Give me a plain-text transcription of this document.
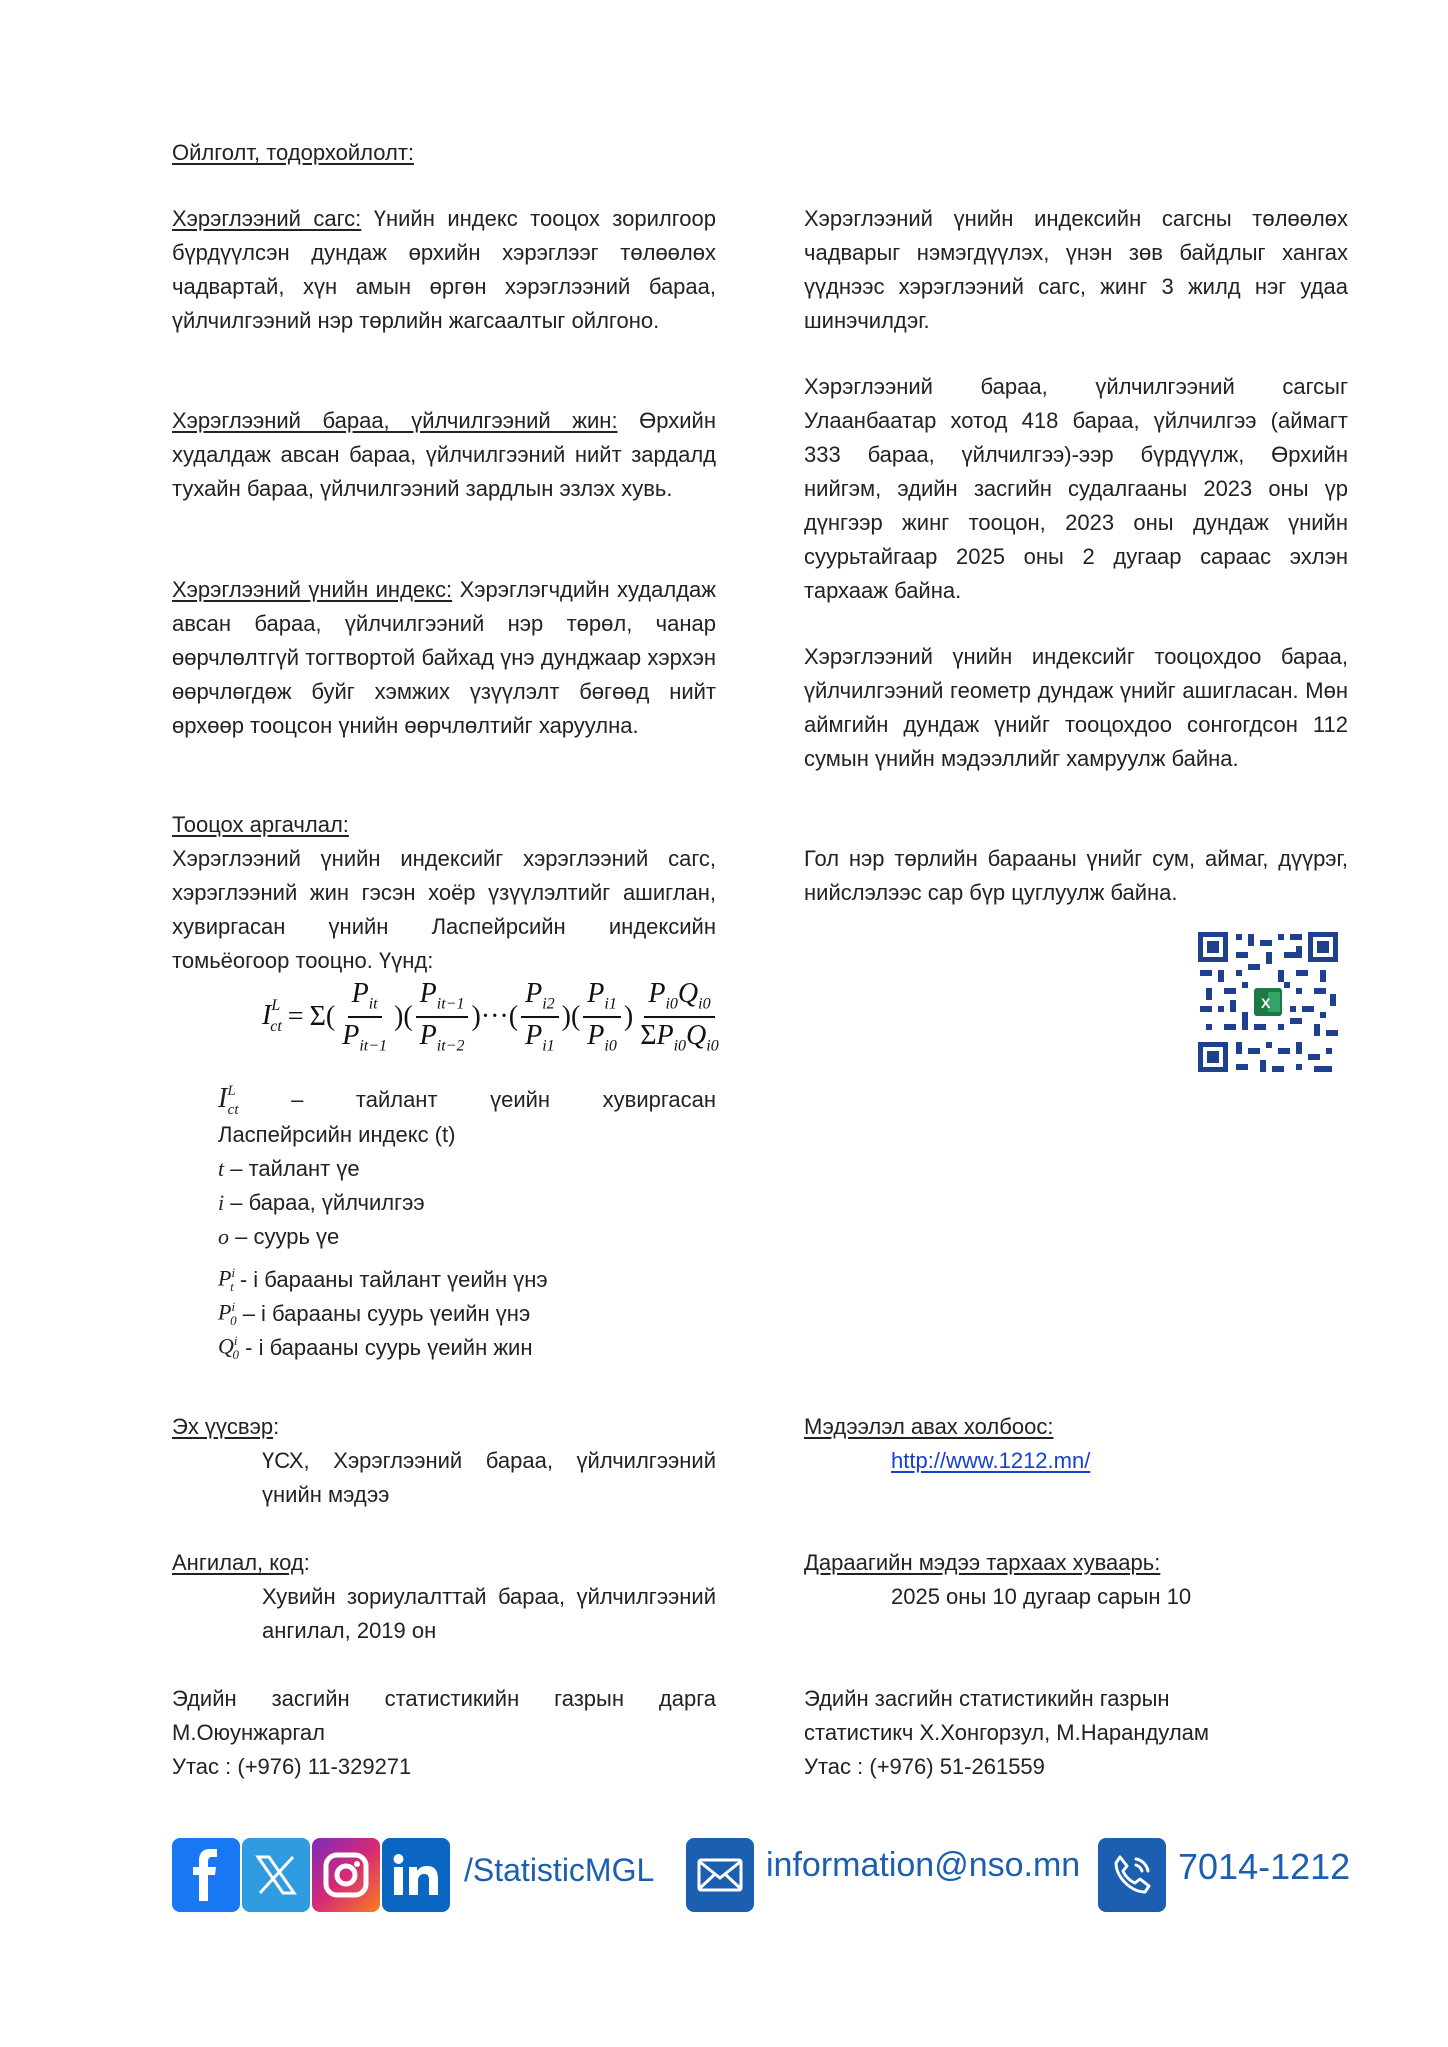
Ойлголт, тодорхойлолт:
Хэрэглээний сагс: Үнийн индекс тооцох зорилгоор бүрдүүлсэн дундаж өрхийн хэрэглээг төлөөлөх чадвартай, хүн амын өргөн хэрэглээний бараа, үйлчилгээний нэр төрлийн жагсаалтыг ойлгоно.
Хэрэглээний бараа, үйлчилгээний жин: Өрхийн худалдаж авсан бараа, үйлчилгээний нийт зардалд тухайн бараа, үйлчилгээний зардлын эзлэх хувь.
Хэрэглээний үнийн индекс: Хэрэглэгчдийн худалдаж авсан бараа, үйлчилгээний нэр төрөл, чанар өөрчлөлтгүй тогтвортой байхад үнэ дунджаар хэрхэн өөрчлөгдөж буйг хэмжих үзүүлэлт бөгөөд нийт өрхөөр тооцсон үнийн өөрчлөлтийг харуулна.
Тооцох аргачлал:
Хэрэглээний үнийн индексийг хэрэглээний сагс, хэрэглээний жин гэсэн хоёр үзүүлэлтийг ашиглан, хувиргасан үнийн Ласпейрсийн индексийн томьёогоор тооцно. Үүнд:
$I^L_{ct} = \Sigma( \frac{P_{it}}{P_{it-1}}$ )( $\frac{P_{it-1}}{P_{it-2}}$ )···( $\frac{P_{i2}}{P_{i1}}$ )( $\frac{P_{i1}}{P_{i0}}$ ) $\frac{P_{i0}Q_{i0}}{\Sigma P_{i0}Q_{i0}}$
$I^L_{ct}$ – тайлант үеийн хувиргасан
Ласпейрсийн индекс (t)
t
– тайлант үе
i
– бараа, үйлчилгээ
o
– суурь үе
$P^i_t$
- i барааны тайлант үеийн үнэ
$P^i_0$
– i барааны суурь үеийн үнэ
$Q^i_0$
- i барааны суурь үеийн жин
Хэрэглээний үнийн индексийн сагсны төлөөлөх чадварыг нэмэгдүүлэх, үнэн зөв байдлыг хангах үүднээс хэрэглээний сагс, жинг 3 жилд нэг удаа шинэчилдэг.
Хэрэглээний бараа, үйлчилгээний сагсыг Улаанбаатар хотод 418 бараа, үйлчилгээ (аймагт 333 бараа, үйлчилгээ)-ээр бүрдүүлж, Өрхийн нийгэм, эдийн засгийн судалгааны 2023 оны үр дүнгээр жинг тооцон, 2023 оны дундаж үнийн суурьтайгаар 2025 оны 2 дугаар сараас эхлэн тархааж байна.
Хэрэглээний үнийн индексийг тооцохдоо бараа, үйлчилгээний геометр дундаж үнийг ашигласан. Мөн аймгийн дундаж үнийг тооцохдоо сонгогдсон 112 сумын үнийн мэдээллийг хамруулж байна.
Гол нэр төрлийн барааны үнийг сум, аймаг, дүүрэг, нийслэлээс сар бүр цуглуулж байна.
X
Эх үүсвэр:
ҮСХ, Хэрэглээний бараа, үйлчилгээний үнийн мэдээ
Ангилал, код:
Хувийн зориулалттай бараа, үйлчилгээний ангилал, 2019 он
Мэдээлэл авах холбоос:
http://www.1212.mn/
Дараагийн мэдээ тархаах хуваарь:
2025 оны 10 дугаар сарын 10
Эдийн засгийн статистикийн газрын дарга
М.Оюунжаргал
Утас : (+976) 11-329271
Эдийн засгийн статистикийн газрын
статистикч Х.Хонгорзул, М.Нарандулам
Утас : (+976) 51-261559
/StatisticMGL	information@nso.mn	7014-1212
